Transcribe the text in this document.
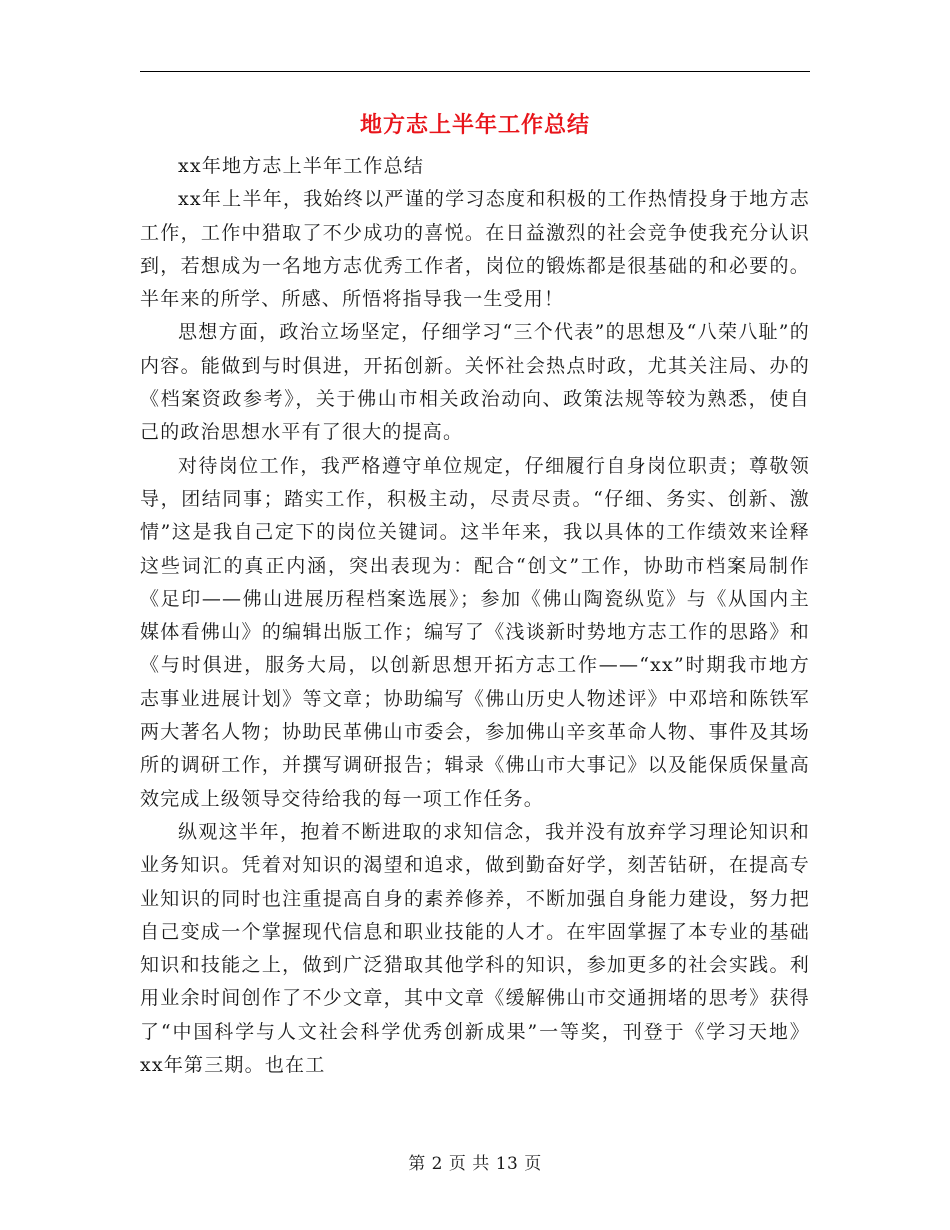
地方志上半年工作总结

xx年地方志上半年工作总结

xx年上半年，我始终以严谨的学习态度和积极的工作热情投身于地方志工作，工作中猎取了不少成功的喜悦。在日益激烈的社会竞争使我充分认识到，若想成为一名地方志优秀工作者，岗位的锻炼都是很基础的和必要的。半年来的所学、所感、所悟将指导我一生受用！

思想方面，政治立场坚定，仔细学习“三个代表”的思想及“八荣八耻”的内容。能做到与时俱进，开拓创新。关怀社会热点时政，尤其关注局、办的《档案资政参考》，关于佛山市相关政治动向、政策法规等较为熟悉，使自己的政治思想水平有了很大的提高。

对待岗位工作，我严格遵守单位规定，仔细履行自身岗位职责；尊敬领导，团结同事；踏实工作，积极主动，尽责尽责。“仔细、务实、创新、激情”这是我自己定下的岗位关键词。这半年来，我以具体的工作绩效来诠释这些词汇的真正内涵，突出表现为：配合“创文”工作，协助市档案局制作《足印——佛山进展历程档案选展》；参加《佛山陶瓷纵览》与《从国内主媒体看佛山》的编辑出版工作；编写了《浅谈新时势地方志工作的思路》和《与时俱进，服务大局，以创新思想开拓方志工作——“xx”时期我市地方志事业进展计划》等文章；协助编写《佛山历史人物述评》中邓培和陈铁军两大著名人物；协助民革佛山市委会，参加佛山辛亥革命人物、事件及其场所的调研工作，并撰写调研报告；辑录《佛山市大事记》以及能保质保量高效完成上级领导交待给我的每一项工作任务。

纵观这半年，抱着不断进取的求知信念，我并没有放弃学习理论知识和业务知识。凭着对知识的渴望和追求，做到勤奋好学，刻苦钻研，在提高专业知识的同时也注重提高自身的素养修养，不断加强自身能力建设，努力把自己变成一个掌握现代信息和职业技能的人才。在牢固掌握了本专业的基础知识和技能之上，做到广泛猎取其他学科的知识，参加更多的社会实践。利用业余时间创作了不少文章，其中文章《缓解佛山市交通拥堵的思考》获得了“中国科学与人文社会科学优秀创新成果”一等奖，刊登于《学习天地》xx年第三期。也在工

第 2 页 共 13 页
